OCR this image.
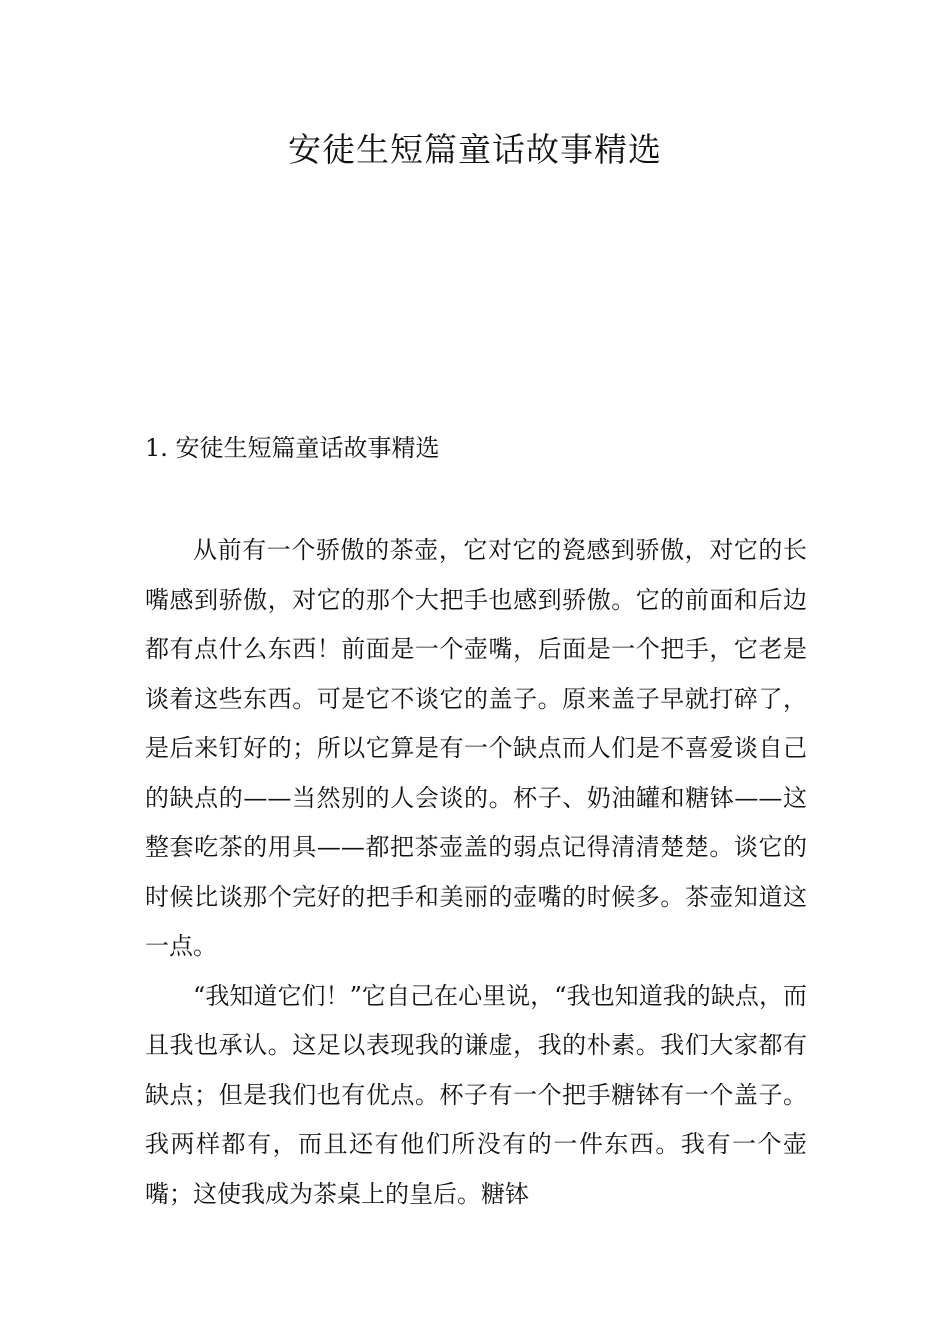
安徒生短篇童话故事精选
1. 安徒生短篇童话故事精选

从前有一个骄傲的茶壶，它对它的瓷感到骄傲，对它的长嘴感到骄傲，对它的那个大把手也感到骄傲。它的前面和后边都有点什么东西！前面是一个壶嘴，后面是一个把手，它老是谈着这些东西。可是它不谈它的盖子。原来盖子早就打碎了，是后来钉好的；所以它算是有一个缺点而人们是不喜爱谈自己的缺点的——当然别的人会谈的。杯子、奶油罐和糖钵——这整套吃茶的用具——都把茶壶盖的弱点记得清清楚楚。谈它的时候比谈那个完好的把手和美丽的壶嘴的时候多。茶壶知道这一点。

“我知道它们！”它自己在心里说，“我也知道我的缺点，而且我也承认。这足以表现我的谦虚，我的朴素。我们大家都有缺点；但是我们也有优点。杯子有一个把手糖钵有一个盖子。我两样都有，而且还有他们所没有的一件东西。我有一个壶嘴；这使我成为茶桌上的皇后。糖钵
